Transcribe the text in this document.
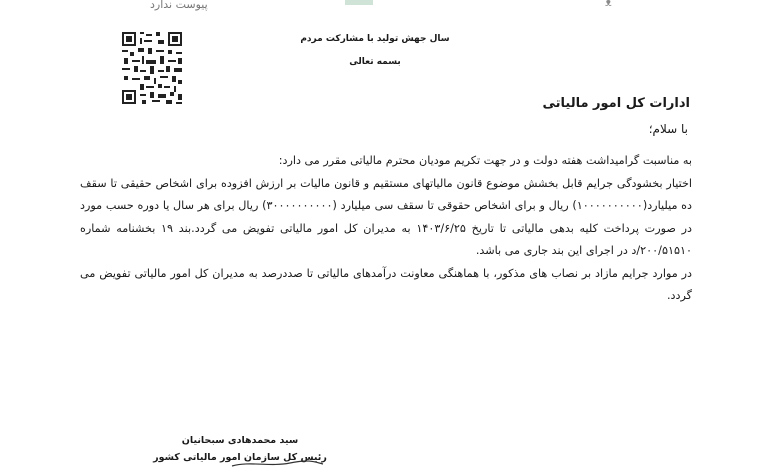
پیوست ندارد	ᴥ
سال جهش تولید با مشارکت مردم
بسمه تعالی
ادارات کل امور مالیاتی
با سلام؛

به مناسبت گرامیداشت هفته دولت و در جهت تکریم مودیان محترم مالیاتی مقرر می دارد:

اختیار بخشودگی جرایم قابل بخشش موضوع قانون مالیاتهای مستقیم و قانون مالیات بر ارزش افزوده برای اشخاص حقیقی تا سقف ده میلیارد(۱۰۰۰۰۰۰۰۰۰۰) ریال و برای اشخاص حقوقی تا سقف سی میلیارد (۳۰۰۰۰۰۰۰۰۰۰) ریال برای هر سال یا دوره حسب مورد در صورت پرداخت کلیه بدهی مالیاتی تا تاریخ ۱۴۰۳/۶/۲۵ به مدیران کل امور مالیاتی تفویض می گردد.بند ۱۹ بخشنامه شماره ۲۰۰/۵۱۵۱۰/د در اجرای این بند جاری می باشد.

در موارد جرایم مازاد بر نصاب های مذکور، با هماهنگی معاونت درآمدهای مالیاتی تا صددرصد به مدیران کل امور مالیاتی تفویض می گردد.

سید محمدهادی سبحانیان
رئیس کل سازمان امور مالیاتی کشور
